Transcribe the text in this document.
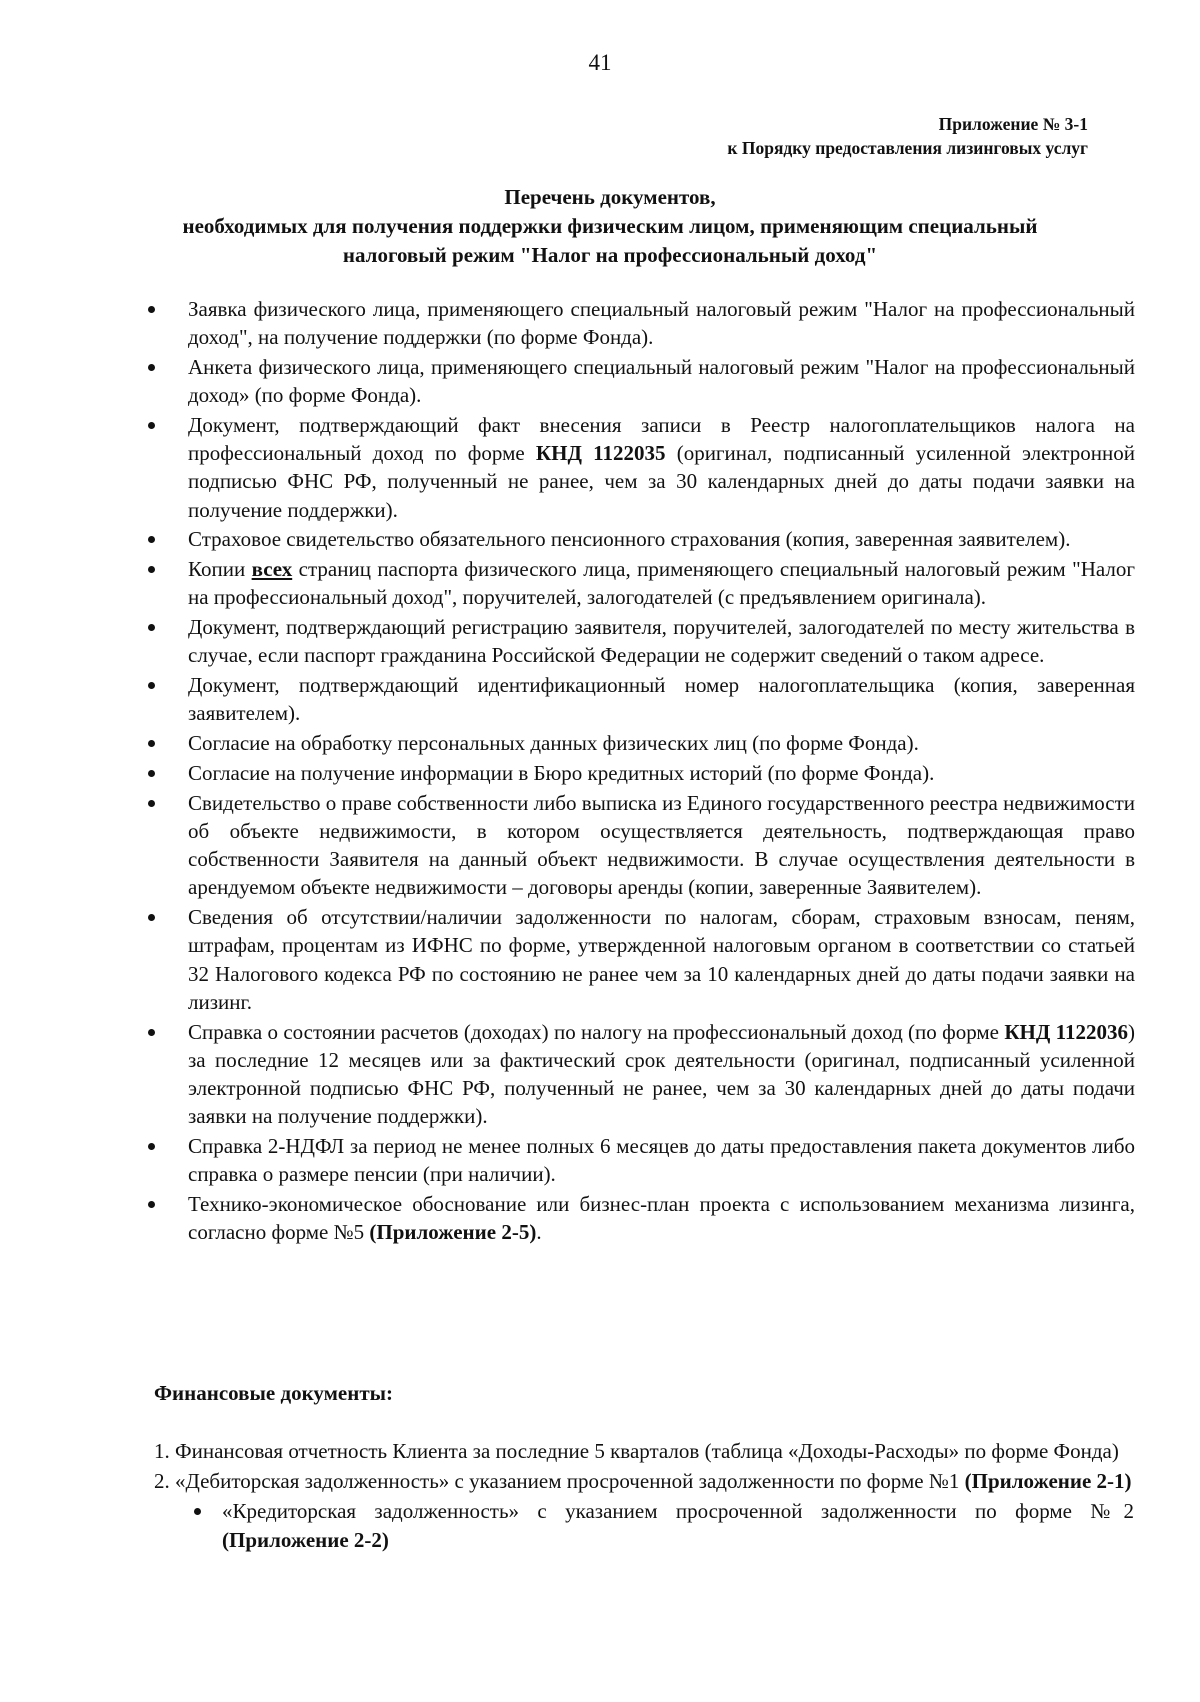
41
Приложение № 3-1
к Порядку предоставления лизинговых услуг
Перечень документов,
необходимых для получения поддержки физическим лицом, применяющим специальный
налоговый режим "Налог на профессиональный доход"
Заявка физического лица, применяющего специальный налоговый режим "Налог на профессиональный доход", на получение поддержки (по форме Фонда).
Анкета физического лица, применяющего специальный налоговый режим "Налог на профессиональный доход» (по форме Фонда).
Документ, подтверждающий факт внесения записи в Реестр налогоплательщиков налога на профессиональный доход по форме КНД 1122035 (оригинал, подписанный усиленной электронной подписью ФНС РФ, полученный не ранее, чем за 30 календарных дней до даты подачи заявки на получение поддержки).
Страховое свидетельство обязательного пенсионного страхования (копия, заверенная заявителем).
Копии всех страниц паспорта физического лица, применяющего специальный налоговый режим "Налог на профессиональный доход", поручителей, залогодателей (с предъявлением оригинала).
Документ, подтверждающий регистрацию заявителя, поручителей, залогодателей по месту жительства в случае, если паспорт гражданина Российской Федерации не содержит сведений о таком адресе.
Документ, подтверждающий идентификационный номер налогоплательщика (копия, заверенная заявителем).
Согласие на обработку персональных данных физических лиц (по форме Фонда).
Согласие на получение информации в Бюро кредитных историй (по форме Фонда).
Свидетельство о праве собственности либо выписка из Единого государственного реестра недвижимости об объекте недвижимости, в котором осуществляется деятельность, подтверждающая право собственности Заявителя на данный объект недвижимости. В случае осуществления деятельности в арендуемом объекте недвижимости – договоры аренды (копии, заверенные Заявителем).
Сведения об отсутствии/наличии задолженности по налогам, сборам, страховым взносам, пеням, штрафам, процентам из ИФНС по форме, утвержденной налоговым органом в соответствии со статьей 32 Налогового кодекса РФ по состоянию не ранее чем за 10 календарных дней до даты подачи заявки на лизинг.
Справка о состоянии расчетов (доходах) по налогу на профессиональный доход (по форме КНД 1122036) за последние 12 месяцев или за фактический срок деятельности (оригинал, подписанный усиленной электронной подписью ФНС РФ, полученный не ранее, чем за 30 календарных дней до даты подачи заявки на получение поддержки).
Справка 2-НДФЛ за период не менее полных 6 месяцев до даты предоставления пакета документов либо справка о размере пенсии (при наличии).
Технико-экономическое обоснование или бизнес-план проекта с использованием механизма лизинга, согласно форме №5 (Приложение 2-5).
Финансовые документы:
1. Финансовая отчетность Клиента за последние 5 кварталов (таблица «Доходы-Расходы» по форме Фонда)
2. «Дебиторская задолженность» с указанием просроченной задолженности по форме №1 (Приложение 2-1)
«Кредиторская задолженность» с указанием просроченной задолженности по форме №2 (Приложение 2-2)
